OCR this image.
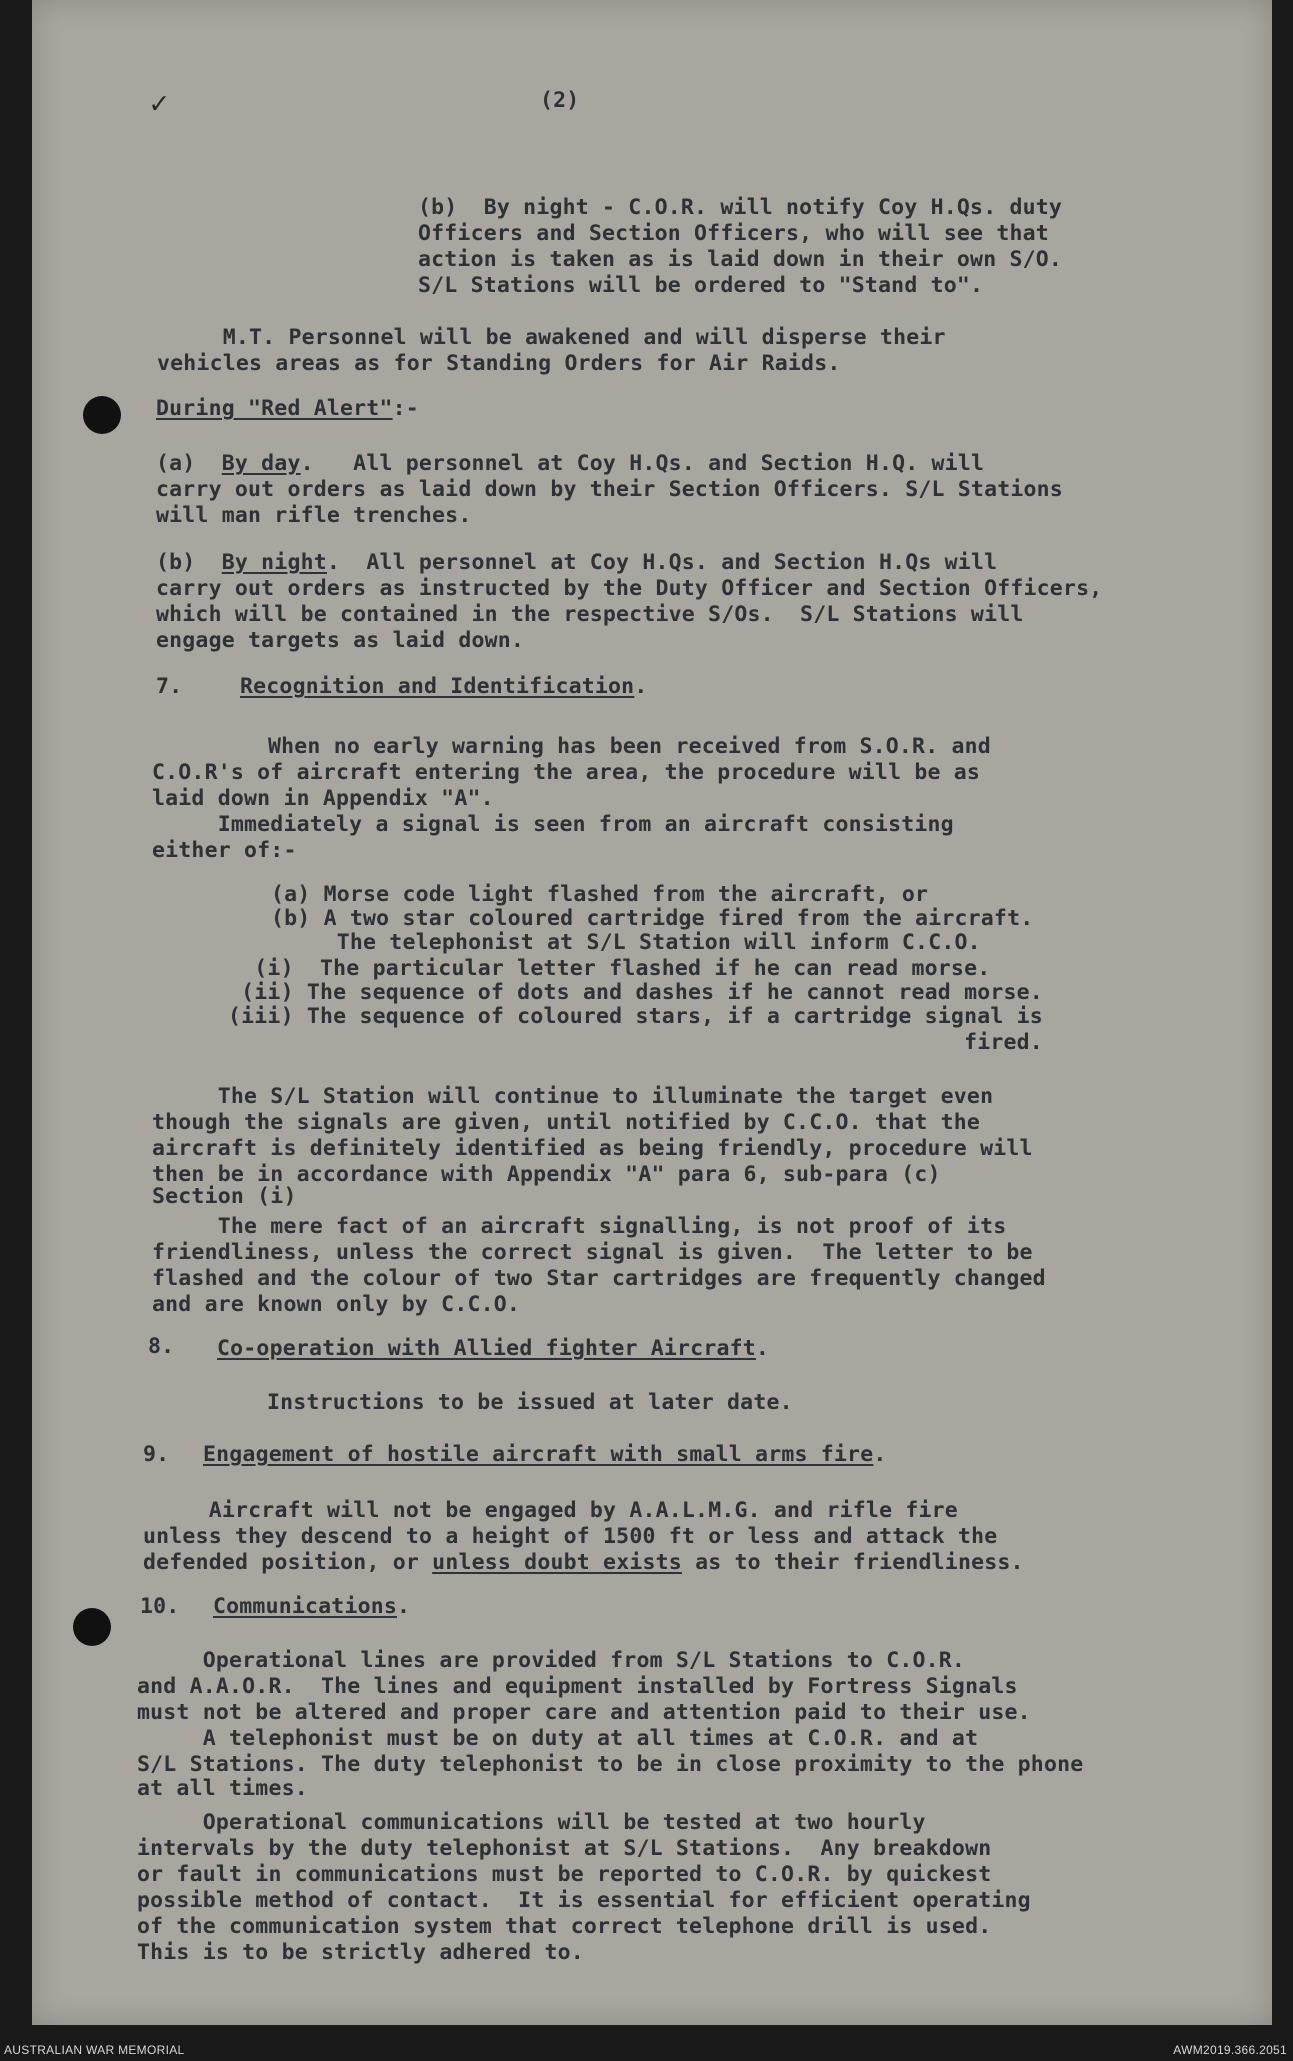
✓	(2)

(b)  By night - C.O.R. will notify Coy H.Qs. duty

Officers and Section Officers, who will see that

action is taken as is laid down in their own S/O.

S/L Stations will be ordered to "Stand to".

M.T. Personnel will be awakened and will disperse their

vehicles areas as for Standing Orders for Air Raids.

During "Red Alert":-

(a)  By day.   All personnel at Coy H.Qs. and Section H.Q. will

carry out orders as laid down by their Section Officers. S/L Stations

will man rifle trenches.

(b)  By night.  All personnel at Coy H.Qs. and Section H.Qs will

carry out orders as instructed by the Duty Officer and Section Officers,

which will be contained in the respective S/Os.  S/L Stations will

engage targets as laid down.

7.	Recognition and Identification.

When no early warning has been received from S.O.R. and

C.O.R's of aircraft entering the area, the procedure will be as

laid down in Appendix "A".

Immediately a signal is seen from an aircraft consisting

either of:-

(a) Morse code light flashed from the aircraft, or

(b) A two star coloured cartridge fired from the aircraft.

The telephonist at S/L Station will inform C.C.O.

(i)  The particular letter flashed if he can read morse.

(ii) The sequence of dots and dashes if he cannot read morse.

(iii) The sequence of coloured stars, if a cartridge signal is

fired.

The S/L Station will continue to illuminate the target even

though the signals are given, until notified by C.C.O. that the

aircraft is definitely identified as being friendly, procedure will

then be in accordance with Appendix "A" para 6, sub-para (c)

Section (i)

The mere fact of an aircraft signalling, is not proof of its

friendliness, unless the correct signal is given.  The letter to be

flashed and the colour of two Star cartridges are frequently changed

and are known only by C.C.O.

8. Co-operation with Allied fighter Aircraft.

Instructions to be issued at later date.

9. Engagement of hostile aircraft with small arms fire.

Aircraft will not be engaged by A.A.L.M.G. and rifle fire

unless they descend to a height of 1500 ft or less and attack the

defended position, or unless doubt exists as to their friendliness.

10. Communications.

Operational lines are provided from S/L Stations to C.O.R.

and A.A.O.R.  The lines and equipment installed by Fortress Signals

must not be altered and proper care and attention paid to their use.

A telephonist must be on duty at all times at C.O.R. and at

S/L Stations. The duty telephonist to be in close proximity to the phone

at all times.

Operational communications will be tested at two hourly

intervals by the duty telephonist at S/L Stations.  Any breakdown

or fault in communications must be reported to C.O.R. by quickest

possible method of contact.  It is essential for efficient operating

of the communication system that correct telephone drill is used.

This is to be strictly adhered to.

AUSTRALIAN WAR MEMORIAL	AWM2019.366.2051
